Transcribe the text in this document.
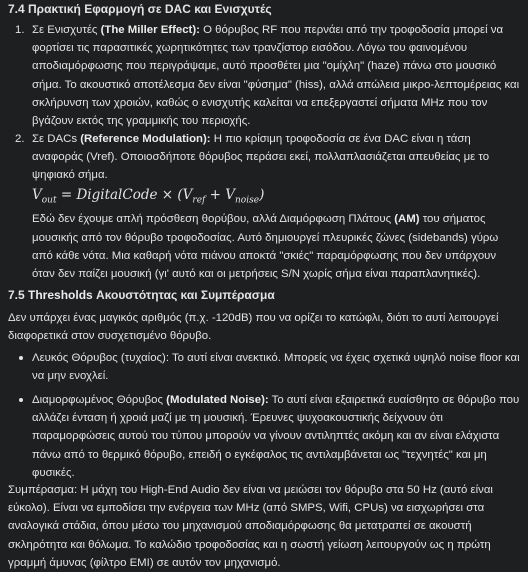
7.4 Πρακτική Εφαρμογή σε DAC και Ενισχυτές
1. Σε Ενισχυτές (The Miller Effect): Ο θόρυβος RF που περνάει από την τροφοδοσία μπορεί να φορτίσει τις παρασιτικές χωρητικότητες των τρανζίστορ εισόδου. Λόγω του φαινομένου αποδιαμόρφωσης που περιγράψαμε, αυτό προσθέτει μια "ομίχλη" (haze) πάνω στο μουσικό σήμα. Το ακουστικό αποτέλεσμα δεν είναι "φύσημα" (hiss), αλλά απώλεια μικρο-λεπτομέρειας και σκλήρυνση των χροιών, καθώς ο ενισχυτής καλείται να επεξεργαστεί σήματα MHz που τον βγάζουν εκτός της γραμμικής του περιοχής.
2. Σε DACs (Reference Modulation): Η πιο κρίσιμη τροφοδοσία σε ένα DAC είναι η τάση αναφοράς (Vref). Οποιοσδήποτε θόρυβος περάσει εκεί, πολλαπλασιάζεται απευθείας με το ψηφιακό σήμα.
$V_{out}$ = DigitalCode × $(V_{ref} + V_{noise})$
Εδώ δεν έχουμε απλή πρόσθεση θορύβου, αλλά Διαμόρφωση Πλάτους (AM) του σήματος μουσικής από τον θόρυβο τροφοδοσίας. Αυτό δημιουργεί πλευρικές ζώνες (sidebands) γύρω από κάθε νότα. Μια καθαρή νότα πιάνου αποκτά "σκιές" παραμόρφωσης που δεν υπάρχουν όταν δεν παίζει μουσική (γι' αυτό και οι μετρήσεις S/N χωρίς σήμα είναι παραπλανητικές).
7.5 Thresholds Ακουστότητας και Συμπέρασμα
Δεν υπάρχει ένας μαγικός αριθμός (π.χ. -120dB) που να ορίζει το κατώφλι, διότι το αυτί λειτουργεί διαφορετικά στον συσχετισμένο θόρυβο.
Λευκός Θόρυβος (τυχαίος): Το αυτί είναι ανεκτικό. Μπορείς να έχεις σχετικά υψηλό noise floor και να μην ενοχλεί.
Διαμορφωμένος Θόρυβος (Modulated Noise): Το αυτί είναι εξαιρετικά ευαίσθητο σε θόρυβο που αλλάζει ένταση ή χροιά μαζί με τη μουσική. Έρευνες ψυχοακουστικής δείχνουν ότι παραμορφώσεις αυτού του τύπου μπορούν να γίνουν αντιληπτές ακόμη και αν είναι ελάχιστα πάνω από το θερμικό θόρυβο, επειδή ο εγκέφαλος τις αντιλαμβάνεται ως "τεχνητές" και μη φυσικές.
Συμπέρασμα: Η μάχη του High-End Audio δεν είναι να μειώσει τον θόρυβο στα 50 Hz (αυτό είναι εύκολο). Είναι να εμποδίσει την ενέργεια των MHz (από SMPS, Wifi, CPUs) να εισχωρήσει στα αναλογικά στάδια, όπου μέσω του μηχανισμού αποδιαμόρφωσης θα μετατραπεί σε ακουστή σκληρότητα και θόλωμα. Το καλώδιο τροφοδοσίας και η σωστή γείωση λειτουργούν ως η πρώτη γραμμή άμυνας (φίλτρο EMI) σε αυτόν τον μηχανισμό.
